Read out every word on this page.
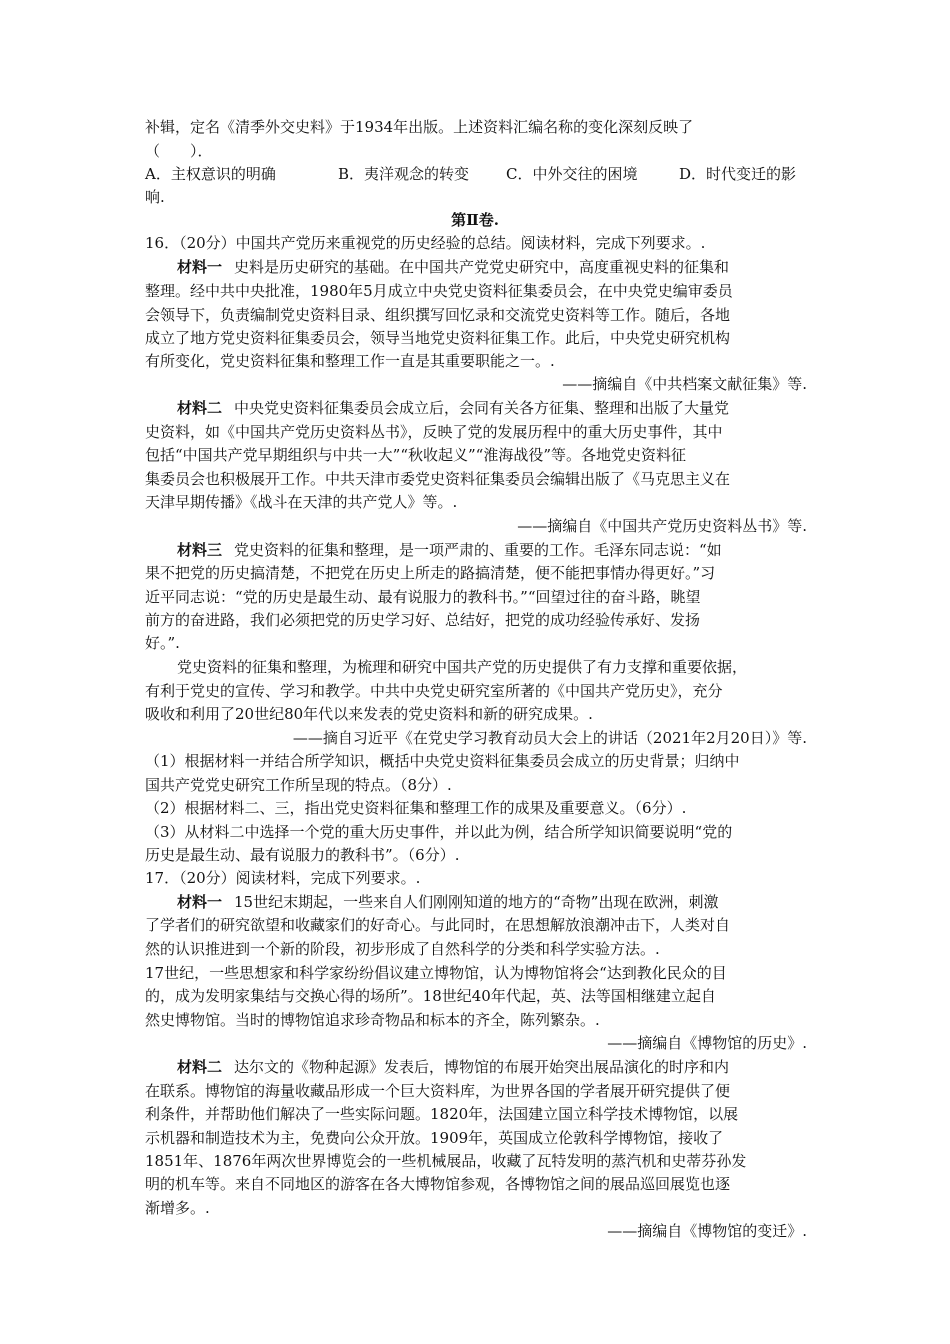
补辑，定名《清季外交史料》于1934年出版。上述资料汇编名称的变化深刻反映了
（　　）．
A．主权意识的明确	B．夷洋观念的转变 C．中外交往的困境	D．时代变迁的影
响.
第Ⅱ卷.
16．（20分）中国共产党历来重视党的历史经验的总结。阅读材料，完成下列要求。.
材料一 史料是历史研究的基础。在中国共产党党史研究中，高度重视史料的征集和
整理。经中共中央批准，1980年5月成立中央党史资料征集委员会，在中央党史编审委员
会领导下，负责编制党史资料目录、组织撰写回忆录和交流党史资料等工作。随后，各地
成立了地方党史资料征集委员会，领导当地党史资料征集工作。此后，中央党史研究机构
有所变化，党史资料征集和整理工作一直是其重要职能之一。.
——摘编自《中共档案文献征集》等.
材料二 中央党史资料征集委员会成立后，会同有关各方征集、整理和出版了大量党
史资料，如《中国共产党历史资料丛书》，反映了党的发展历程中的重大历史事件，其中
包括“中国共产党早期组织与中共一大”“秋收起义”“淮海战役”等。各地党史资料征
集委员会也积极展开工作。中共天津市委党史资料征集委员会编辑出版了《马克思主义在
天津早期传播》《战斗在天津的共产党人》等。.
——摘编自《中国共产党历史资料丛书》等.
材料三 党史资料的征集和整理，是一项严肃的、重要的工作。毛泽东同志说：“如
果不把党的历史搞清楚，不把党在历史上所走的路搞清楚，便不能把事情办得更好。”习
近平同志说：“党的历史是最生动、最有说服力的教科书。”“回望过往的奋斗路，眺望
前方的奋进路，我们必须把党的历史学习好、总结好，把党的成功经验传承好、发扬
好。”.
党史资料的征集和整理，为梳理和研究中国共产党的历史提供了有力支撑和重要依据，
有利于党史的宣传、学习和教学。中共中央党史研究室所著的《中国共产党历史》，充分
吸收和利用了20世纪80年代以来发表的党史资料和新的研究成果。.
——摘自习近平《在党史学习教育动员大会上的讲话（2021年2月20日）》等.
（1）根据材料一并结合所学知识，概括中央党史资料征集委员会成立的历史背景；归纳中
国共产党党史研究工作所呈现的特点。（8分）.
（2）根据材料二、三，指出党史资料征集和整理工作的成果及重要意义。（6分）.
（3）从材料二中选择一个党的重大历史事件，并以此为例，结合所学知识简要说明“党的
历史是最生动、最有说服力的教科书”。（6分）.
17．（20分）阅读材料，完成下列要求。.
材料一 15世纪末期起，一些来自人们刚刚知道的地方的“奇物”出现在欧洲，刺激
了学者们的研究欲望和收藏家们的好奇心。与此同时，在思想解放浪潮冲击下，人类对自
然的认识推进到一个新的阶段，初步形成了自然科学的分类和科学实验方法。.
17世纪，一些思想家和科学家纷纷倡议建立博物馆，认为博物馆将会“达到教化民众的目
的，成为发明家集结与交换心得的场所”。18世纪40年代起，英、法等国相继建立起自
然史博物馆。当时的博物馆追求珍奇物品和标本的齐全，陈列繁杂。.
——摘编自《博物馆的历史》.
材料二 达尔文的《物种起源》发表后，博物馆的布展开始突出展品演化的时序和内
在联系。博物馆的海量收藏品形成一个巨大资料库，为世界各国的学者展开研究提供了便
利条件，并帮助他们解决了一些实际问题。1820年，法国建立国立科学技术博物馆，以展
示机器和制造技术为主，免费向公众开放。1909年，英国成立伦敦科学博物馆，接收了
1851年、1876年两次世界博览会的一些机械展品，收藏了瓦特发明的蒸汽机和史蒂芬孙发
明的机车等。来自不同地区的游客在各大博物馆参观，各博物馆之间的展品巡回展览也逐
渐增多。.
——摘编自《博物馆的变迁》.
